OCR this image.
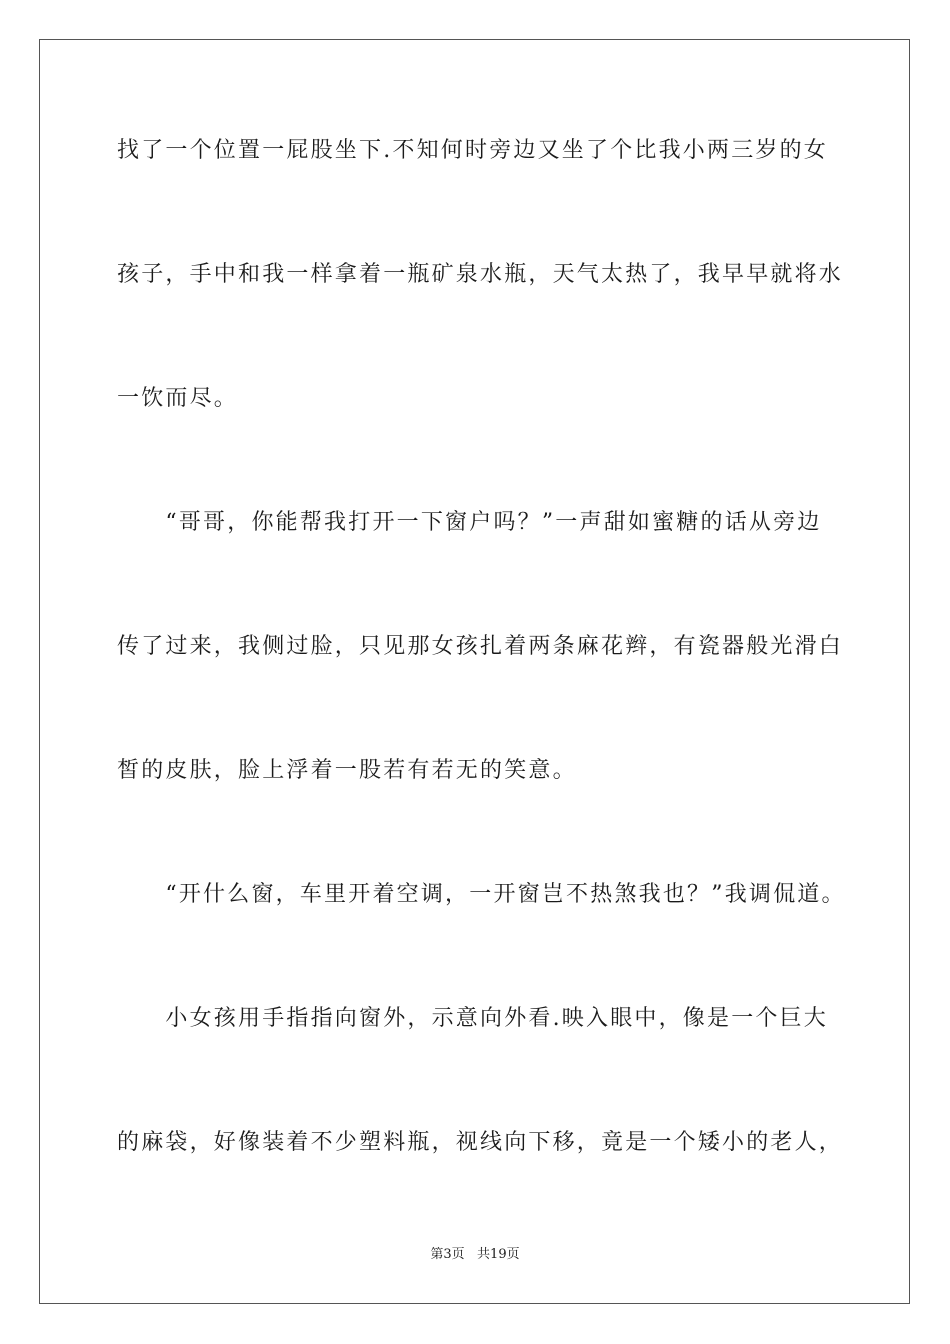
找了一个位置一屁股坐下.不知何时旁边又坐了个比我小两三岁的女
孩子，手中和我一样拿着一瓶矿泉水瓶，天气太热了，我早早就将水
一饮而尽。
　　“哥哥，你能帮我打开一下窗户吗？”一声甜如蜜糖的话从旁边
传了过来，我侧过脸，只见那女孩扎着两条麻花辫，有瓷器般光滑白
皙的皮肤，脸上浮着一股若有若无的笑意。
　　“开什么窗，车里开着空调，一开窗岂不热煞我也？”我调侃道。
　　小女孩用手指指向窗外，示意向外看.映入眼中，像是一个巨大
的麻袋，好像装着不少塑料瓶，视线向下移，竟是一个矮小的老人，
第3页   共19页
